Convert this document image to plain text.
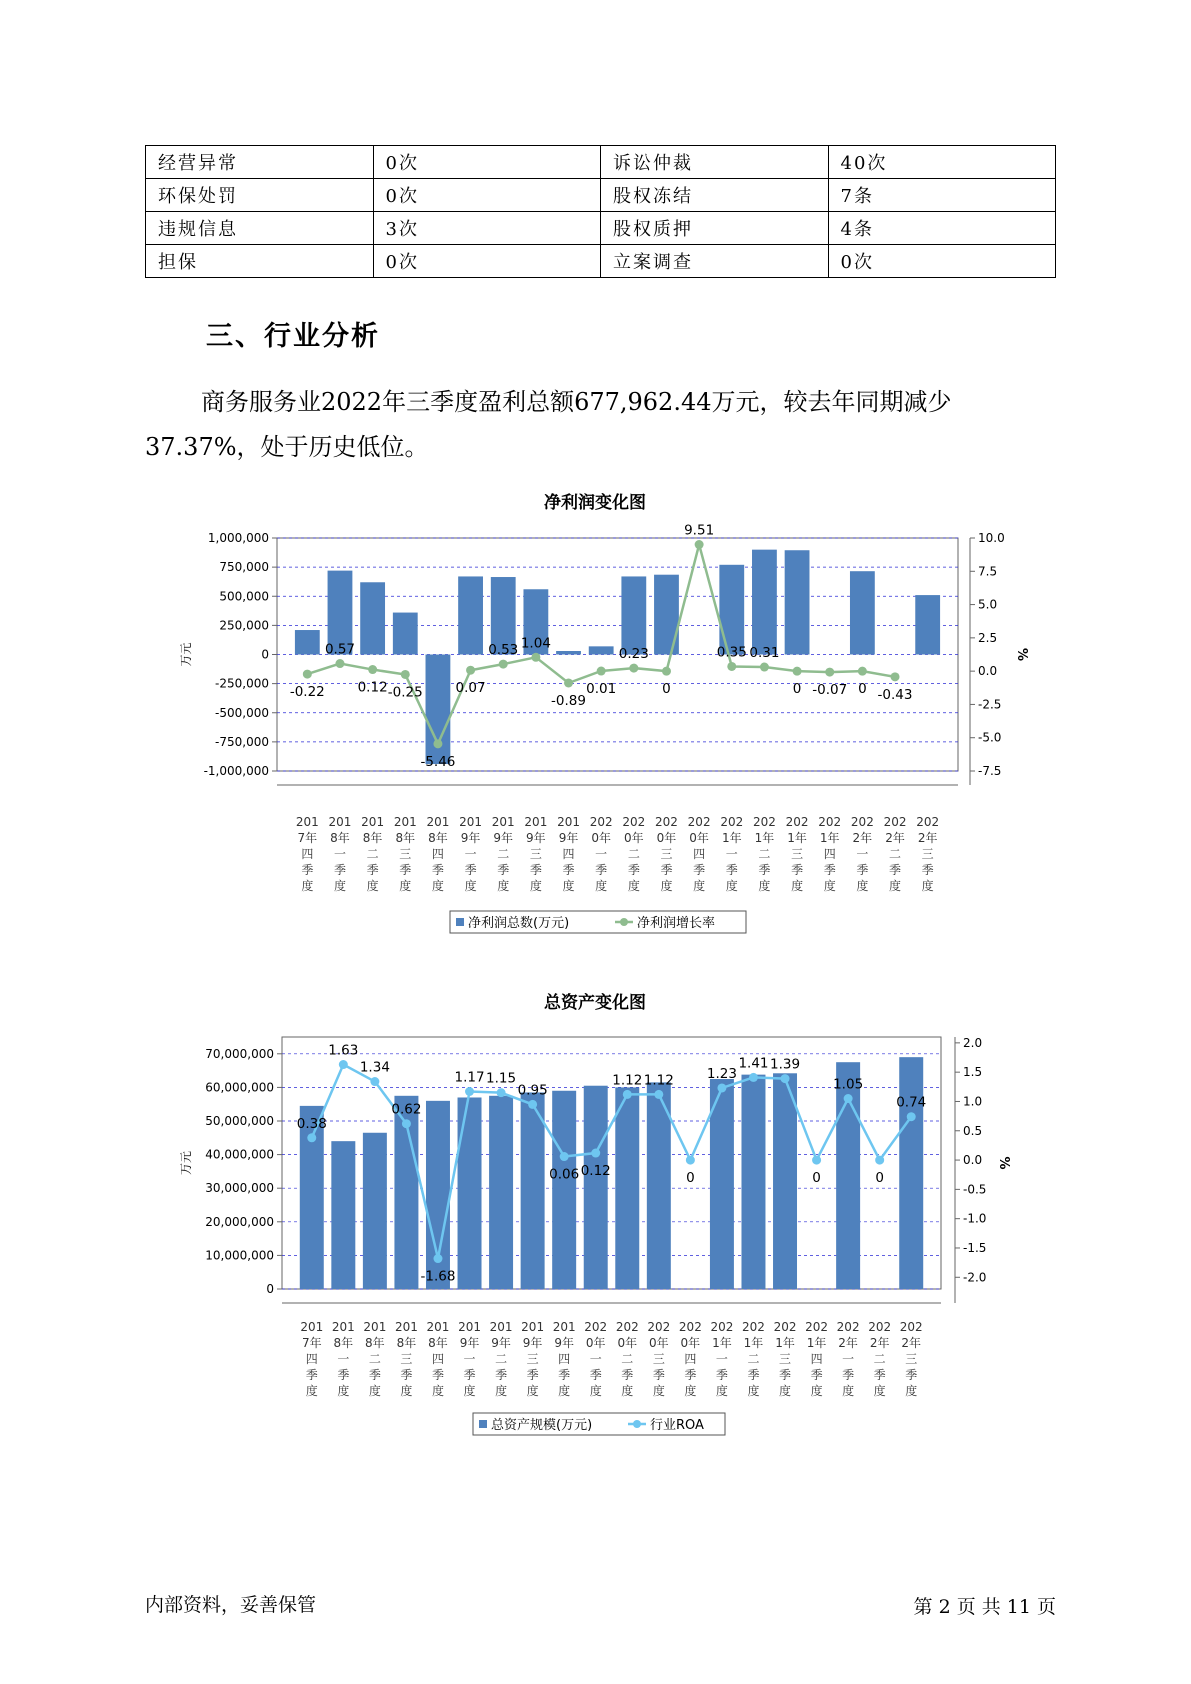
经营异常	0次	诉讼仲裁	40次
环保处罚	0次	股权冻结	7条
违规信息	3次	股权质押	4条
担保	0次	立案调查	0次
三、行业分析

商务服务业2022年三季度盈利总额677,962.44万元，较去年同期减少37.37%，处于历史低位。

净利润变化图
1,000,000
750,000
500,000
250,000
0
-250,000
-500,000
-750,000
-1,000,000
10.0
7.5
5.0
2.5
0.0
-2.5
-5.0
-7.5
万元	%
201
7年
四
季
度
201
8年
一
季
度
201
8年
二
季
度
201
8年
三
季
度
201
8年
四
季
度
201
9年
一
季
度
201
9年
二
季
度
201
9年
三
季
度
201
9年
四
季
度
202
0年
一
季
度
202
0年
二
季
度
202
0年
三
季
度
202
0年
四
季
度
202
1年
一
季
度
202
1年
二
季
度
202
1年
三
季
度
202
1年
四
季
度
202
2年
一
季
度
202
2年
二
季
度
202
2年
三
季
度
-0.22
0.57
0.12 -0.25
-5.46
0.07
0.53 1.04
-0.89
0.01
0.23
0
9.51
0.35 0.31
0 -0.07 0 -0.43
净利润总数(万元)	净利润增长率
总资产变化图
70,000,000
60,000,000
50,000,000
40,000,000
30,000,000
20,000,000
10,000,000
0
2.0
1.5
1.0
0.5
0.0
-0.5
-1.0
-1.5
-2.0
万元	%
201
7年
四
季
度
201
8年
一
季
度
201
8年
二
季
度
201
8年
三
季
度
201
8年
四
季
度
201
9年
一
季
度
201
9年
二
季
度
201
9年
三
季
度
201
9年
四
季
度
202
0年
一
季
度
202
0年
二
季
度
202
0年
三
季
度
202
0年
四
季
度
202
1年
一
季
度
202
1年
二
季
度
202
1年
三
季
度
202
1年
四
季
度
202
2年
一
季
度
202
2年
二
季
度
202
2年
三
季
度
0.38
1.63
1.34
0.62
-1.68
1.17 1.15
0.95
0.06 0.12
1.12 1.12
0
1.23
1.41 1.39
0
1.05
0
0.74
总资产规模(万元)	行业ROA
内部资料，妥善保管	第 2 页 共 11 页
